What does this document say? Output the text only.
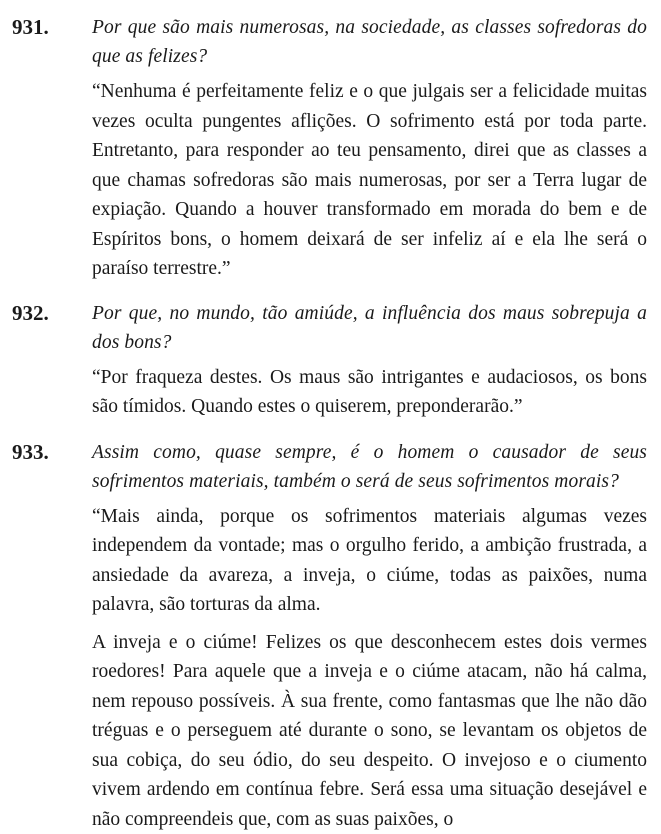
931. Por que são mais numerosas, na sociedade, as classes sofredoras do que as felizes?

“Nenhuma é perfeitamente feliz e o que julgais ser a felicidade muitas vezes oculta pungentes aflições. O sofrimento está por toda parte. Entretanto, para responder ao teu pensamento, direi que as classes a que chamas sofredoras são mais numerosas, por ser a Terra lugar de expiação. Quando a houver transformado em morada do bem e de Espíritos bons, o homem deixará de ser infeliz aí e ela lhe será o paraíso terrestre.”

932. Por que, no mundo, tão amiúde, a influência dos maus sobrepuja a dos bons?

“Por fraqueza destes. Os maus são intrigantes e audaciosos, os bons são tímidos. Quando estes o quiserem, preponderarão.”

933. Assim como, quase sempre, é o homem o causador de seus sofrimentos materiais, também o será de seus sofrimentos morais?

“Mais ainda, porque os sofrimentos materiais algumas vezes independem da vontade; mas o orgulho ferido, a ambição frustrada, a ansiedade da avareza, a inveja, o ciúme, todas as paixões, numa palavra, são torturas da alma.

A inveja e o ciúme! Felizes os que desconhecem estes dois vermes roedores! Para aquele que a inveja e o ciúme atacam, não há calma, nem repouso possíveis. À sua frente, como fantasmas que lhe não dão tréguas e o perseguem até durante o sono, se levantam os objetos de sua cobiça, do seu ódio, do seu despeito. O invejoso e o ciumento vivem ardendo em contínua febre. Será essa uma situação desejável e não compreendeis que, com as suas paixões, o
